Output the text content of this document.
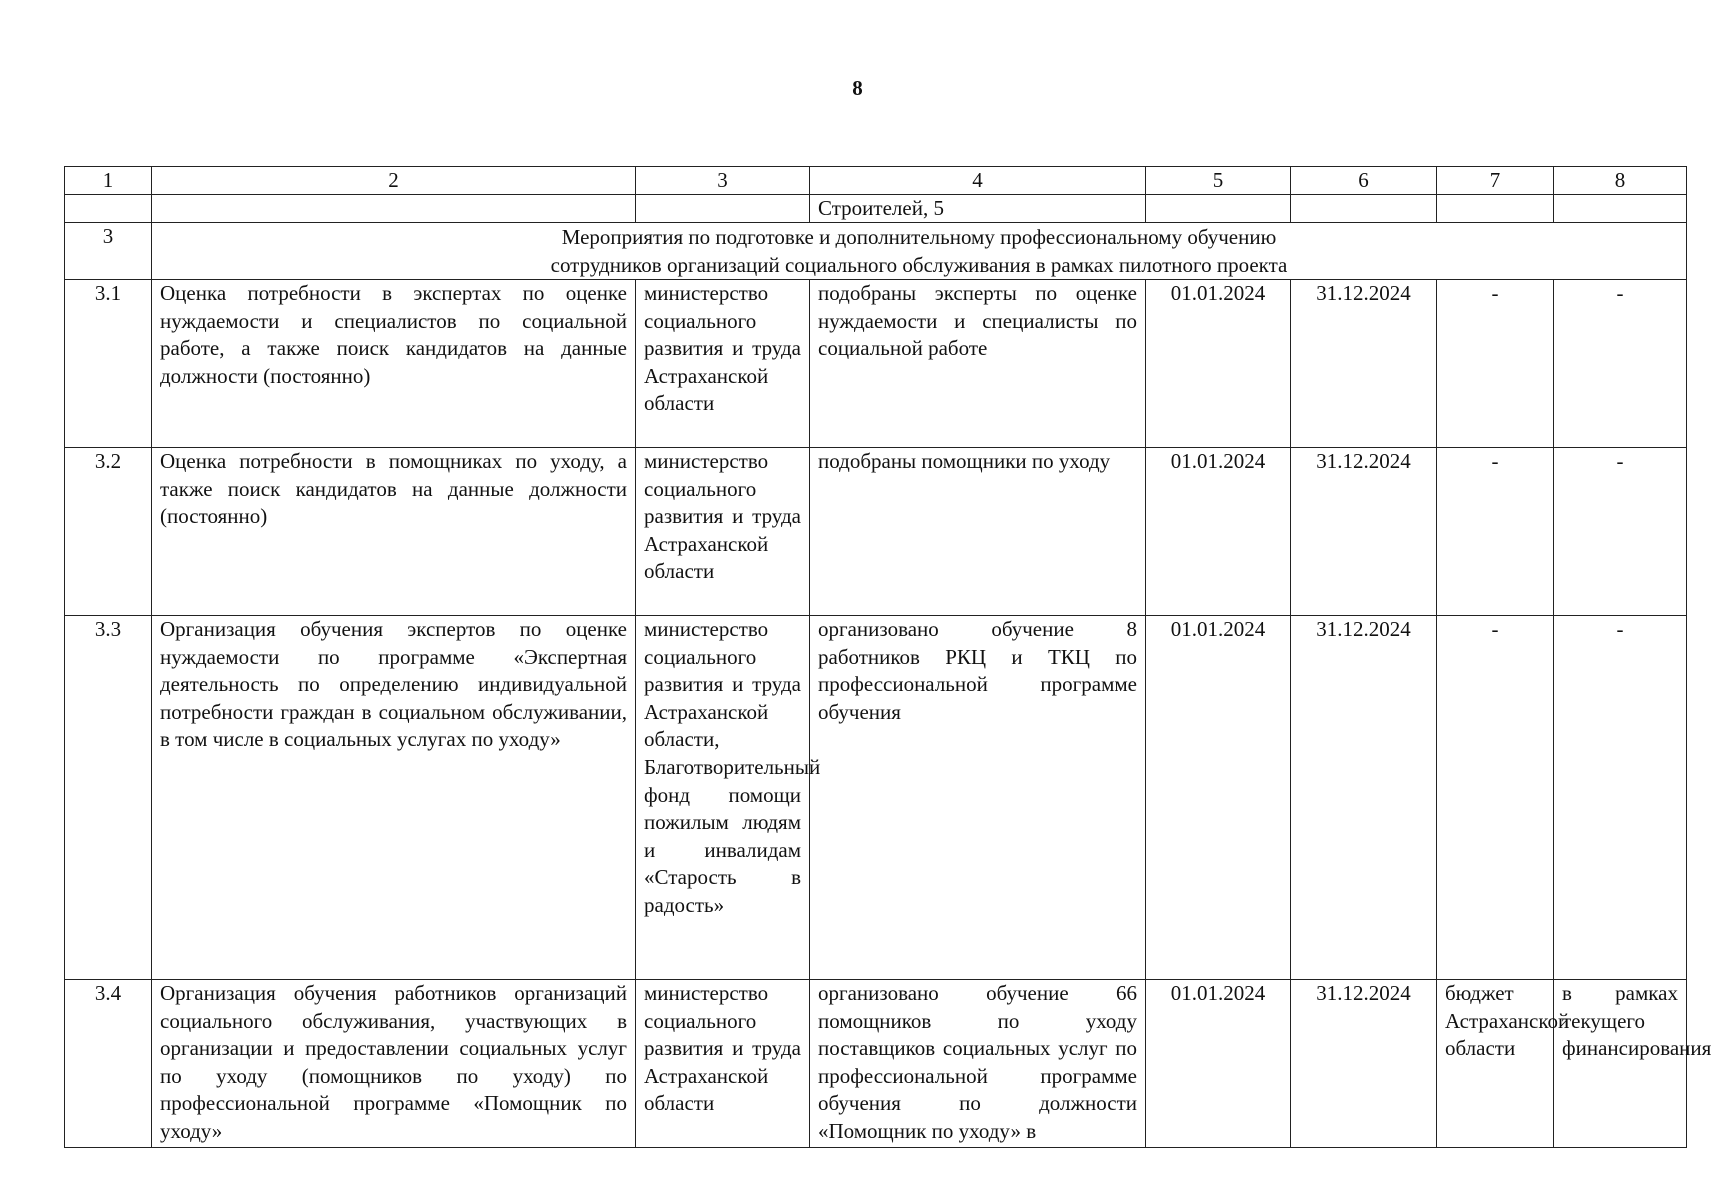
8
1	2	3	4	5	6	7	8
			Строителей, 5				
3	Мероприятия по подготовке и дополнительному профессиональному обучению
сотрудников организаций социального обслуживания в рамках пилотного проекта						

3.1	Оценка потребности в экспертах по оценке нуждаемости и специалистов по социальной работе, а также поиск кандидатов на данные должности (постоянно)	министерство социального развития и труда Астраханской области	подобраны эксперты по оценке нуждаемости и специалисты по социальной работе	01.01.2024	31.12.2024	-	-
3.2	Оценка потребности в помощниках по уходу, а также поиск кандидатов на данные должности (постоянно)	министерство социального развития и труда Астраханской области	подобраны помощники по уходу	01.01.2024	31.12.2024	-	-
3.3	Организация обучения экспертов по оценке нуждаемости по программе «Экспертная деятельность по определению индивидуальной потребности граждан в социальном обслуживании, в том числе в социальных услугах по уходу»	министерство социального развития и труда Астраханской области, Благотворительный фонд помощи пожилым людям и инвалидам «Старость в радость»	организовано обучение 8 работников РКЦ и ТКЦ по профессиональной программе обучения	01.01.2024	31.12.2024	-	-
3.4	Организация обучения работников организаций социального обслуживания, участвующих в организации и предоставлении социальных услуг по уходу (помощников по уходу) по профессиональной программе «Помощник по уходу»	министерство социального развития и труда Астраханской области	организовано обучение 66 помощников по уходу поставщиков социальных услуг по профессиональной программе обучения по должности «Помощник по уходу» в	01.01.2024	31.12.2024	бюджет Астраханской области	в рамках текущего финансирования
